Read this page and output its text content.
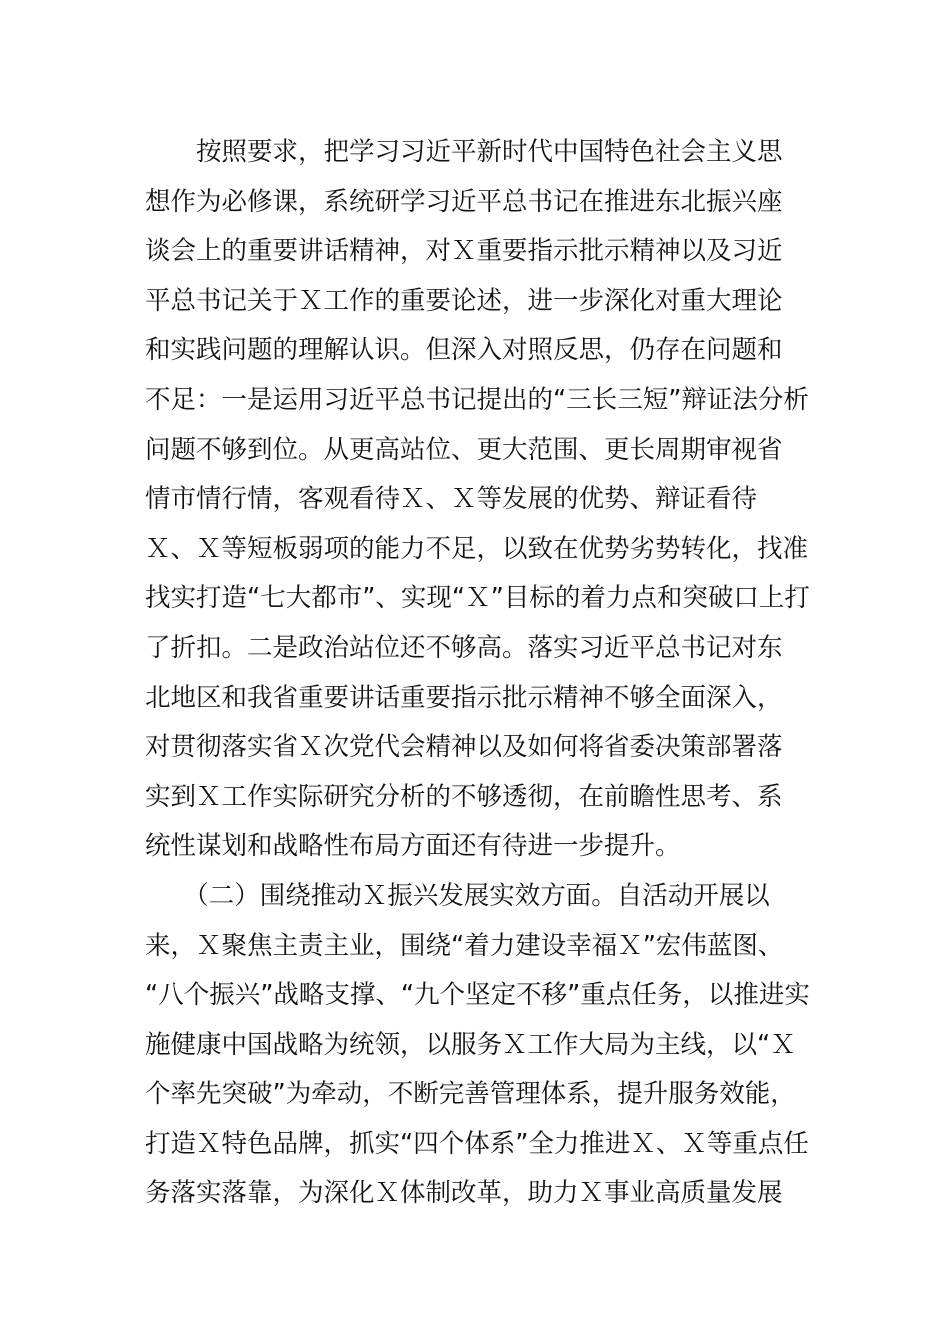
　　按照要求，把学习习近平新时代中国特色社会主义思
想作为必修课，系统研学习近平总书记在推进东北振兴座
谈会上的重要讲话精神，对Ｘ重要指示批示精神以及习近
平总书记关于Ｘ工作的重要论述，进一步深化对重大理论
和实践问题的理解认识。但深入对照反思，仍存在问题和
不足：一是运用习近平总书记提出的“三长三短”辩证法分析
问题不够到位。从更高站位、更大范围、更长周期审视省
情市情行情，客观看待Ｘ、Ｘ等发展的优势、辩证看待
Ｘ、Ｘ等短板弱项的能力不足，以致在优势劣势转化，找准
找实打造“七大都市”、实现“Ｘ”目标的着力点和突破口上打
了折扣。二是政治站位还不够高。落实习近平总书记对东
北地区和我省重要讲话重要指示批示精神不够全面深入，
对贯彻落实省Ｘ次党代会精神以及如何将省委决策部署落
实到Ｘ工作实际研究分析的不够透彻，在前瞻性思考、系
统性谋划和战略性布局方面还有待进一步提升。
　　（二）围绕推动Ｘ振兴发展实效方面。自活动开展以
来，Ｘ聚焦主责主业，围绕“着力建设幸福Ｘ”宏伟蓝图、
“八个振兴”战略支撑、“九个坚定不移”重点任务，以推进实
施健康中国战略为统领，以服务Ｘ工作大局为主线，以“Ｘ
个率先突破”为牵动，不断完善管理体系，提升服务效能，
打造Ｘ特色品牌，抓实“四个体系”全力推进Ｘ、Ｘ等重点任
务落实落靠，为深化Ｘ体制改革，助力Ｘ事业高质量发展
